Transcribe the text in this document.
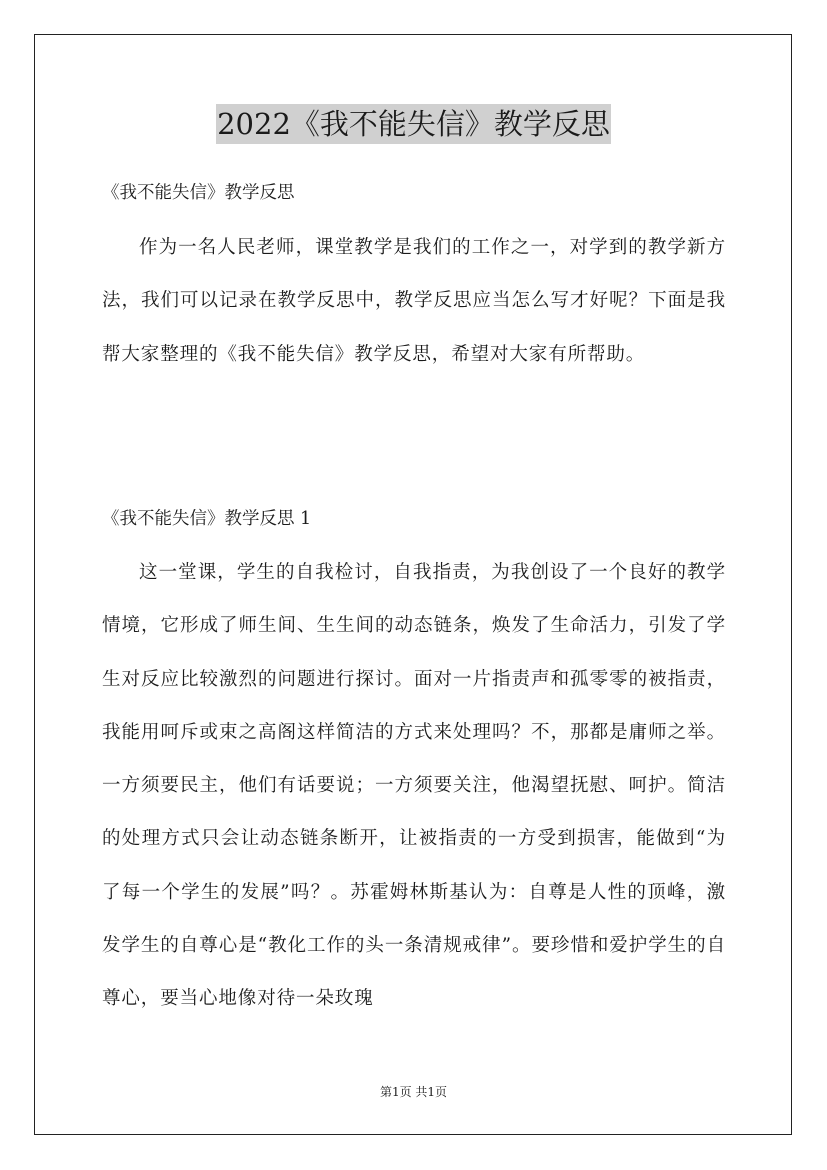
2022《我不能失信》教学反思

《我不能失信》教学反思

作为一名人民老师，课堂教学是我们的工作之一，对学到的教学新方法，我们可以记录在教学反思中，教学反思应当怎么写才好呢？下面是我帮大家整理的《我不能失信》教学反思，希望对大家有所帮助。

《我不能失信》教学反思 1

这一堂课，学生的自我检讨，自我指责，为我创设了一个良好的教学情境，它形成了师生间、生生间的动态链条，焕发了生命活力，引发了学生对反应比较激烈的问题进行探讨。面对一片指责声和孤零零的被指责，我能用呵斥或束之高阁这样简洁的方式来处理吗？不，那都是庸师之举。一方须要民主，他们有话要说；一方须要关注，他渴望抚慰、呵护。简洁的处理方式只会让动态链条断开，让被指责的一方受到损害，能做到“为了每一个学生的发展”吗？。苏霍姆林斯基认为：自尊是人性的顶峰，激发学生的自尊心是“教化工作的头一条清规戒律”。要珍惜和爱护学生的自尊心，要当心地像对待一朵玫瑰

第1页 共1页
